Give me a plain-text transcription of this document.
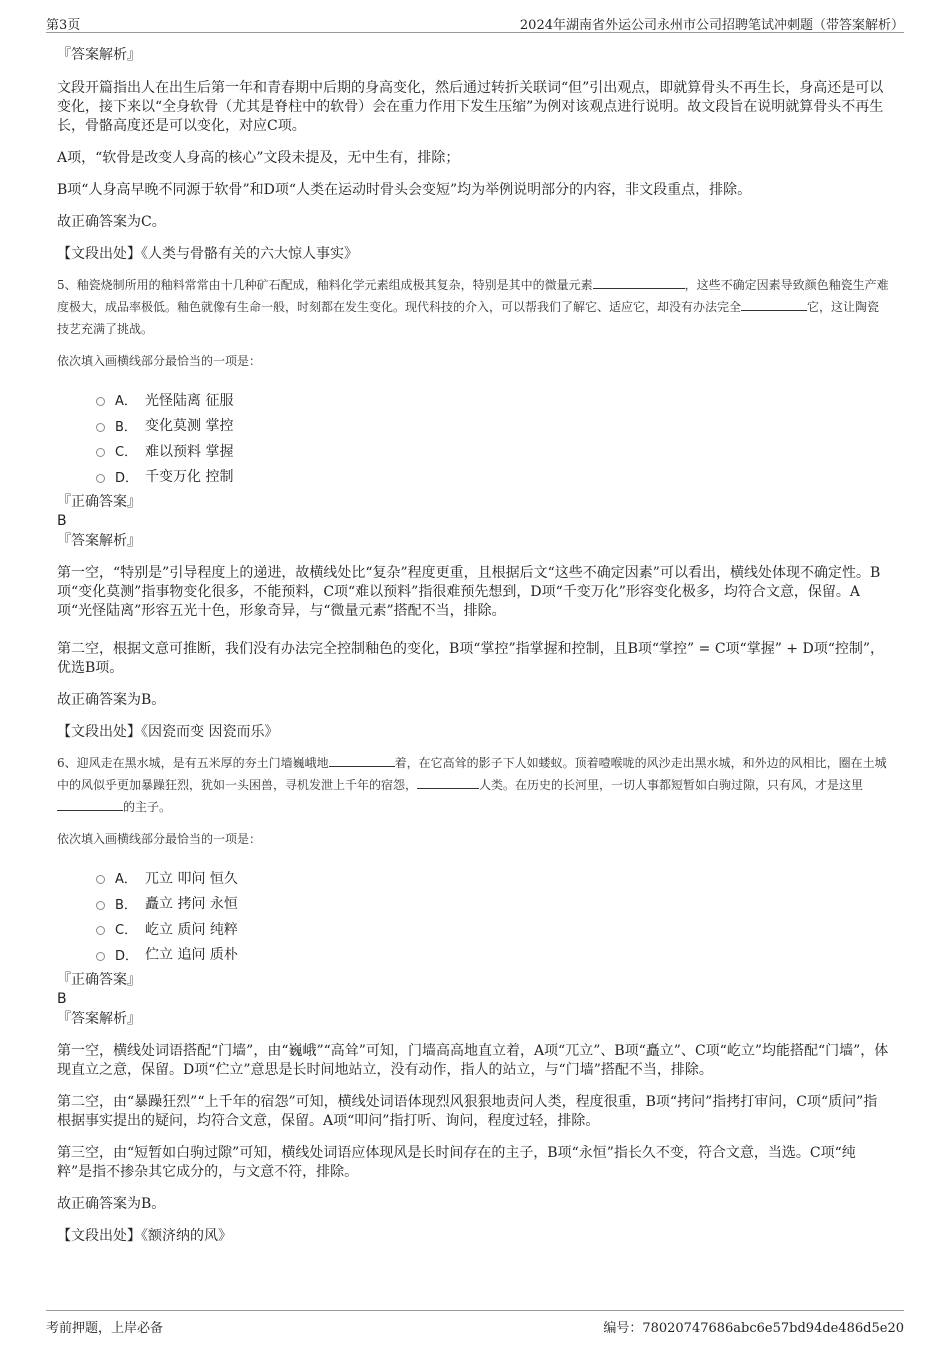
第3页	2024年湖南省外运公司永州市公司招聘笔试冲刺题（带答案解析）

『答案解析』

文段开篇指出人在出生后第一年和青春期中后期的身高变化，然后通过转折关联词“但”引出观点，即就算骨头不再生长，身高还是可以变化，接下来以“全身软骨（尤其是脊柱中的软骨）会在重力作用下发生压缩”为例对该观点进行说明。故文段旨在说明就算骨头不再生长，骨骼高度还是可以变化，对应C项。

A项，“软骨是改变人身高的核心”文段未提及，无中生有，排除；

B项“人身高早晚不同源于软骨”和D项“人类在运动时骨头会变短”均为举例说明部分的内容，非文段重点，排除。

故正确答案为C。

【文段出处】《人类与骨骼有关的六大惊人事实》

5、釉瓷烧制所用的釉料常常由十几种矿石配成，釉料化学元素组成极其复杂，特别是其中的微量元素	，这些不确定因素导致颜色釉瓷生产难度极大，成品率极低。釉色就像有生命一般，时刻都在发生变化。现代科技的介入，可以帮我们了解它、适应它，却没有办法完全	它，这让陶瓷技艺充满了挑战。

依次填入画横线部分最恰当的一项是：

A． 光怪陆离 征服
B． 变化莫测 掌控
C． 难以预料 掌握
D． 千变万化 控制

『正确答案』

B

『答案解析』

第一空，“特别是”引导程度上的递进，故横线处比“复杂”程度更重，且根据后文“这些不确定因素”可以看出，横线处体现不确定性。B项“变化莫测”指事物变化很多，不能预料，C项“难以预料”指很难预先想到，D项“千变万化”形容变化极多，均符合文意，保留。A项“光怪陆离”形容五光十色，形象奇异，与“微量元素”搭配不当，排除。

第二空，根据文意可推断，我们没有办法完全控制釉色的变化，B项“掌控”指掌握和控制，且B项“掌控” = C项“掌握” + D项“控制”，优选B项。

故正确答案为B。

【文段出处】《因瓷而变 因瓷而乐》

6、迎风走在黑水城，是有五米厚的夯土门墙巍峨地	着，在它高耸的影子下人如蝼蚁。顶着噎喉咙的风沙走出黑水城，和外边的风相比，圈在土城中的风似乎更加暴躁狂烈，犹如一头困兽，寻机发泄上千年的宿怨，	人类。在历史的长河里，一切人事都短暂如白驹过隙，只有风，才是这里的主子。

依次填入画横线部分最恰当的一项是：

A． 兀立 叩问 恒久
B． 矗立 拷问 永恒
C． 屹立 质问 纯粹
D． 伫立 追问 质朴

『正确答案』

B

『答案解析』

第一空，横线处词语搭配“门墙”，由“巍峨”“高耸”可知，门墙高高地直立着，A项“兀立”、B项“矗立”、C项“屹立”均能搭配“门墙”，体现直立之意，保留。D项“伫立”意思是长时间地站立，没有动作，指人的站立，与“门墙”搭配不当，排除。

第二空，由“暴躁狂烈”“上千年的宿怨”可知，横线处词语体现烈风狠狠地责问人类，程度很重，B项“拷问”指拷打审问，C项“质问”指根据事实提出的疑问，均符合文意，保留。A项“叩问”指打听、询问，程度过轻，排除。

第三空，由“短暂如白驹过隙”可知，横线处词语应体现风是长时间存在的主子，B项“永恒”指长久不变，符合文意，当选。C项“纯粹”是指不掺杂其它成分的，与文意不符，排除。

故正确答案为B。

【文段出处】《额济纳的风》

考前押题，上岸必备	编号：78020747686abc6e57bd94de486d5e20
